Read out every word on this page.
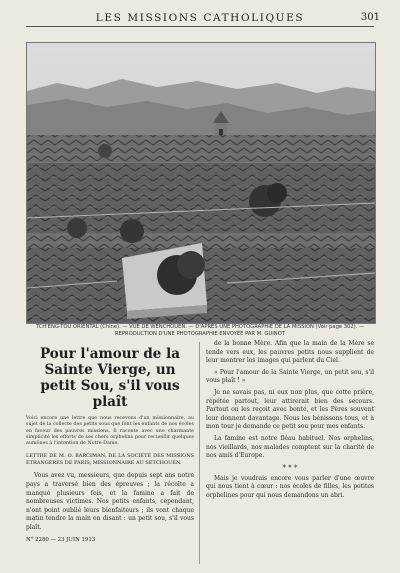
LES MISSIONS CATHOLIQUES	301
TCH'ENG-TOU ORIENTAL (Chine). — VUE DE WENCHOUEN. — D'APRÈS UNE PHOTOGRAPHIE DE LA MISSION (Voir page 302). — REPRODUCTION D'UNE PHOTOGRAPHIE ENVOYÉE PAR M. GUINOT
Pour l'amour de la Sainte Vierge, un petit Sou, s'il vous plaît
Voici encore une lettre que nous recevons d'un missionnaire, au sujet de la collecte des petits sous que font les enfants de nos écoles en faveur des pauvres missions. Il raconte avec une charmante simplicité les efforts de ses chers orphelins pour recueillir quelques aumônes à l'intention de Notre-Dame.
LETTRE DE M. O. BARCIMAN, DE LA SOCIÉTÉ DES MISSIONS ÉTRANGÈRES DE PARIS, MISSIONNAIRE AU SETCHOUEN.

Vous avez vu, messieurs, que depuis sept ans notre pays a traversé bien des épreuves ; la récolte a manqué plusieurs fois, et la famine a fait de nombreuses victimes. Nos petits enfants, cependant, n'ont point oublié leurs bienfaiteurs ; ils vont chaque matin tendre la main en disant : un petit sou, s'il vous plaît.

N° 2280 — 23 JUIN 1913

de la bonne Mère. Afin que la main de la Mère se tende vers eux, les pauvres petits nous supplient de leur montrer les images qui parlent du Ciel.

« Pour l'amour de la Sainte Vierge, un petit sou, s'il vous plaît ! »

Je ne savais pas, ni eux non plus, que cette prière, répétée partout, leur attirerait bien des secours. Partout on les reçoit avec bonté, et les Pères souvent leur donnent davantage. Nous les bénissons tous, et à mon tour je demande ce petit sou pour mes enfants.

La famine est notre fléau habituel. Nos orphelins, nos vieillards, nos malades comptent sur la charité de nos amis d'Europe.

* * *

Mais je voudrais encore vous parler d'une œuvre qui nous tient à cœur : nos écoles de filles, les petites orphelines pour qui nous demandons un abri.
